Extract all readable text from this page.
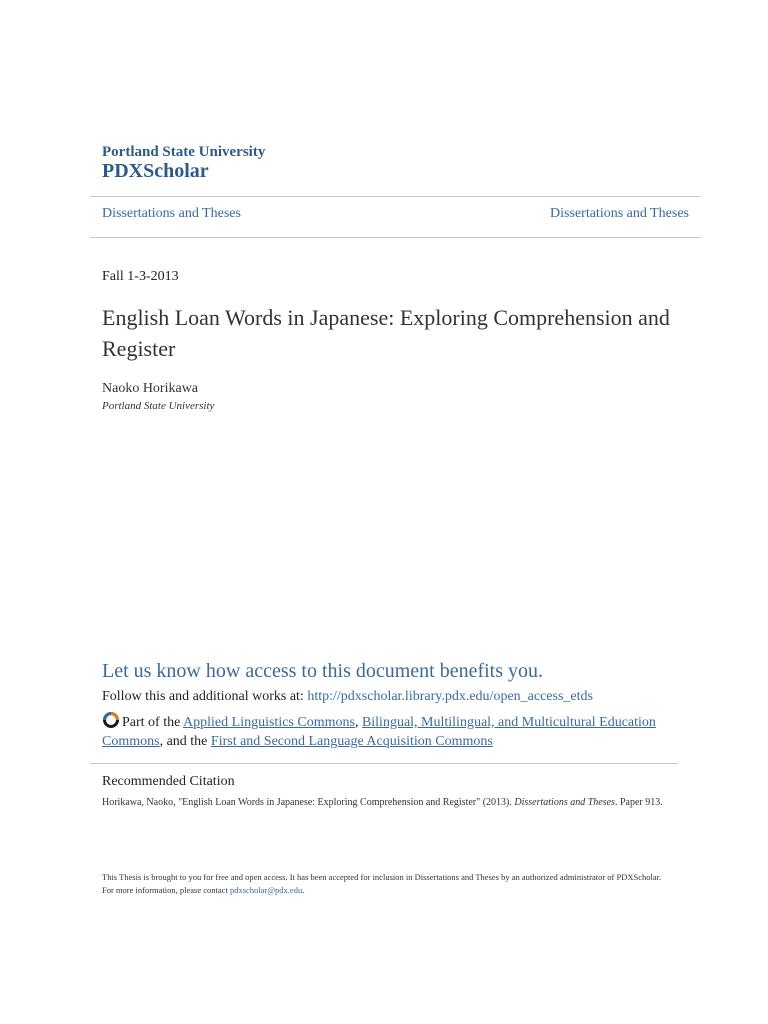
Portland State University
PDXScholar
Dissertations and Theses	Dissertations and Theses
Fall 1-3-2013
English Loan Words in Japanese: Exploring Comprehension and Register
Naoko Horikawa
Portland State University
Let us know how access to this document benefits you.
Follow this and additional works at: http://pdxscholar.library.pdx.edu/open_access_etds
Part of the Applied Linguistics Commons, Bilingual, Multilingual, and Multicultural Education Commons, and the First and Second Language Acquisition Commons
Recommended Citation
Horikawa, Naoko, "English Loan Words in Japanese: Exploring Comprehension and Register" (2013). Dissertations and Theses. Paper 913.
This Thesis is brought to you for free and open access. It has been accepted for inclusion in Dissertations and Theses by an authorized administrator of PDXScholar. For more information, please contact pdxscholar@pdx.edu.
